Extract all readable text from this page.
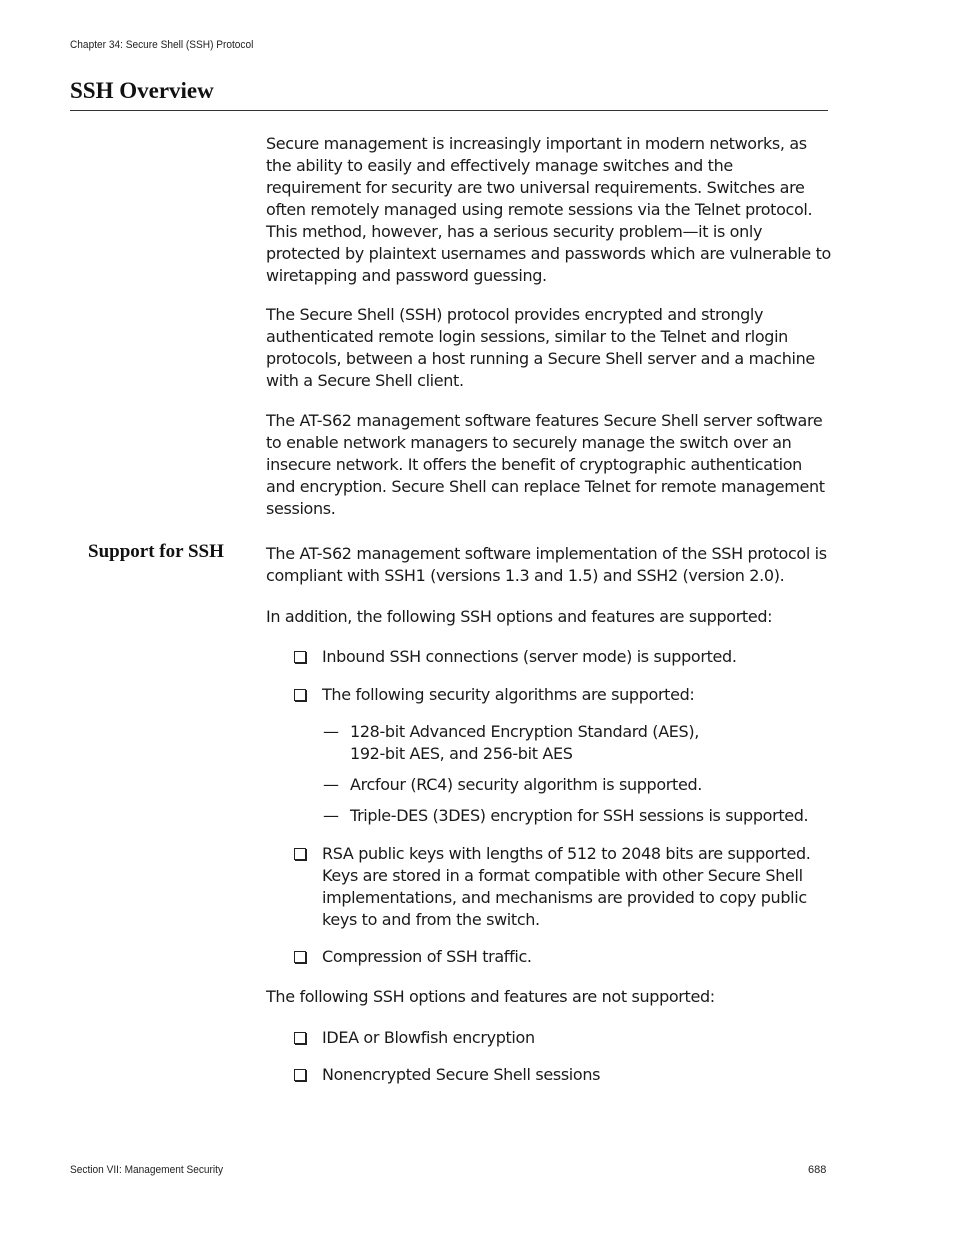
Chapter 34: Secure Shell (SSH) Protocol
SSH Overview

Secure management is increasingly important in modern networks, as the ability to easily and effectively manage switches and the requirement for security are two universal requirements. Switches are often remotely managed using remote sessions via the Telnet protocol. This method, however, has a serious security problem—it is only protected by plaintext usernames and passwords which are vulnerable to wiretapping and password guessing.

The Secure Shell (SSH) protocol provides encrypted and strongly authenticated remote login sessions, similar to the Telnet and rlogin protocols, between a host running a Secure Shell server and a machine with a Secure Shell client.

The AT-S62 management software features Secure Shell server software to enable network managers to securely manage the switch over an insecure network. It offers the benefit of cryptographic authentication and encryption. Secure Shell can replace Telnet for remote management sessions.

The AT-S62 management software implementation of the SSH protocol is compliant with SSH1 (versions 1.3 and 1.5) and SSH2 (version 2.0).

In addition, the following SSH options and features are supported:

The following SSH options and features are not supported:

Support for SSH
Inbound SSH connections (server mode) is supported.
The following security algorithms are supported:
— 128-bit Advanced Encryption Standard (AES), 192-bit AES, and 256-bit AES
— Arcfour (RC4) security algorithm is supported.
— Triple-DES (3DES) encryption for SSH sessions is supported.
RSA public keys with lengths of 512 to 2048 bits are supported. Keys are stored in a format compatible with other Secure Shell implementations, and mechanisms are provided to copy public keys to and from the switch.
Compression of SSH traffic.
IDEA or Blowfish encryption
Nonencrypted Secure Shell sessions
Section VII: Management Security	688
